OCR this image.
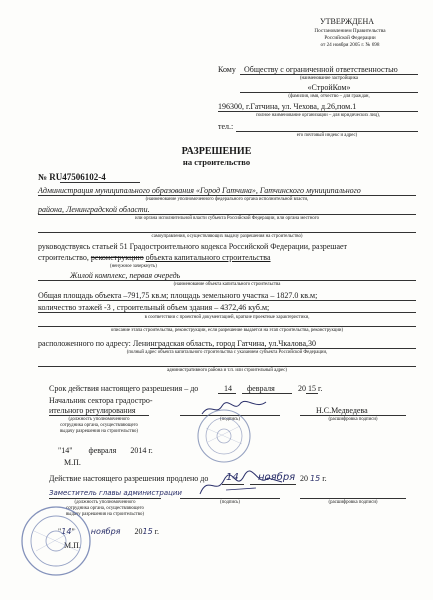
УТВЕРЖДЕНА
Постановлением Правительства
Российской Федерации
от 24 ноября 2005 г. № 698
Кому Обществу с ограниченной ответственностью
(наименование застройщика
«СтройКом»
(фамилия, имя, отчество – для граждан,
196300, г.Гатчина, ул. Чехова, д.26,пом.1
полное наименование организации – для юридических лиц),
тел.:
его почтовый индекс и адрес)
РАЗРЕШЕНИЕ
на строительство
№ RU47506102-4
Администрация муниципального образования «Город Гатчина», Гатчинского муниципального
(наименование уполномоченного федерального органа исполнительной власти,
района, Ленинградской области.
или органа исполнительной власти субъекта Российской Федерации, или органа местного
самоуправления, осуществляющих выдачу разрешения на строительство)
руководствуясь статьей 51 Градостроительного кодекса Российской Федерации, разрешает
строительство, реконструкцию объекта капитального строительства
(ненужное зачеркнуть)
Жилой комплекс, первая очередь
(наименование объекта капитального строительства
Общая площадь объекта –791,75 кв.м; площадь земельного участка – 1827.0 кв.м;
количество этажей -3 , строительный объем здания – 4372,46 куб.м;
в соответствии с проектной документацией, краткие проектные характеристики,
описание этапа строительства, реконструкции, если разрешение выдается на этап строительства, реконструкции)
расположенного по адресу: Ленинградская область, город Гатчина, ул.Чкалова,30
(полный адрес объекта капитального строительства с указанием субъекта Российской Федерации,
административного района и т.п. или строительный адрес)
Срок действия настоящего разрешения – до	14 февраля	20 15 г.
Начальник сектора градостро-
ительного регулирования
(должность уполномоченного
сотрудника органа, осуществляющего
выдачу разрешения на строительство)
(подпись)
Н.С.Медведева
(расшифровка подписи)
"14" февраля 2014 г.
М.П.
Действие настоящего разрешения продлено до 14 ноября 20 15 г.
Заместитель главы администрации
(должность уполномоченного
сотрудника органа, осуществляющего
выдачу разрешения на строительство)
(подпись)	(расшифровка подписи)
"14" ноября 2015 г.
М.П.
